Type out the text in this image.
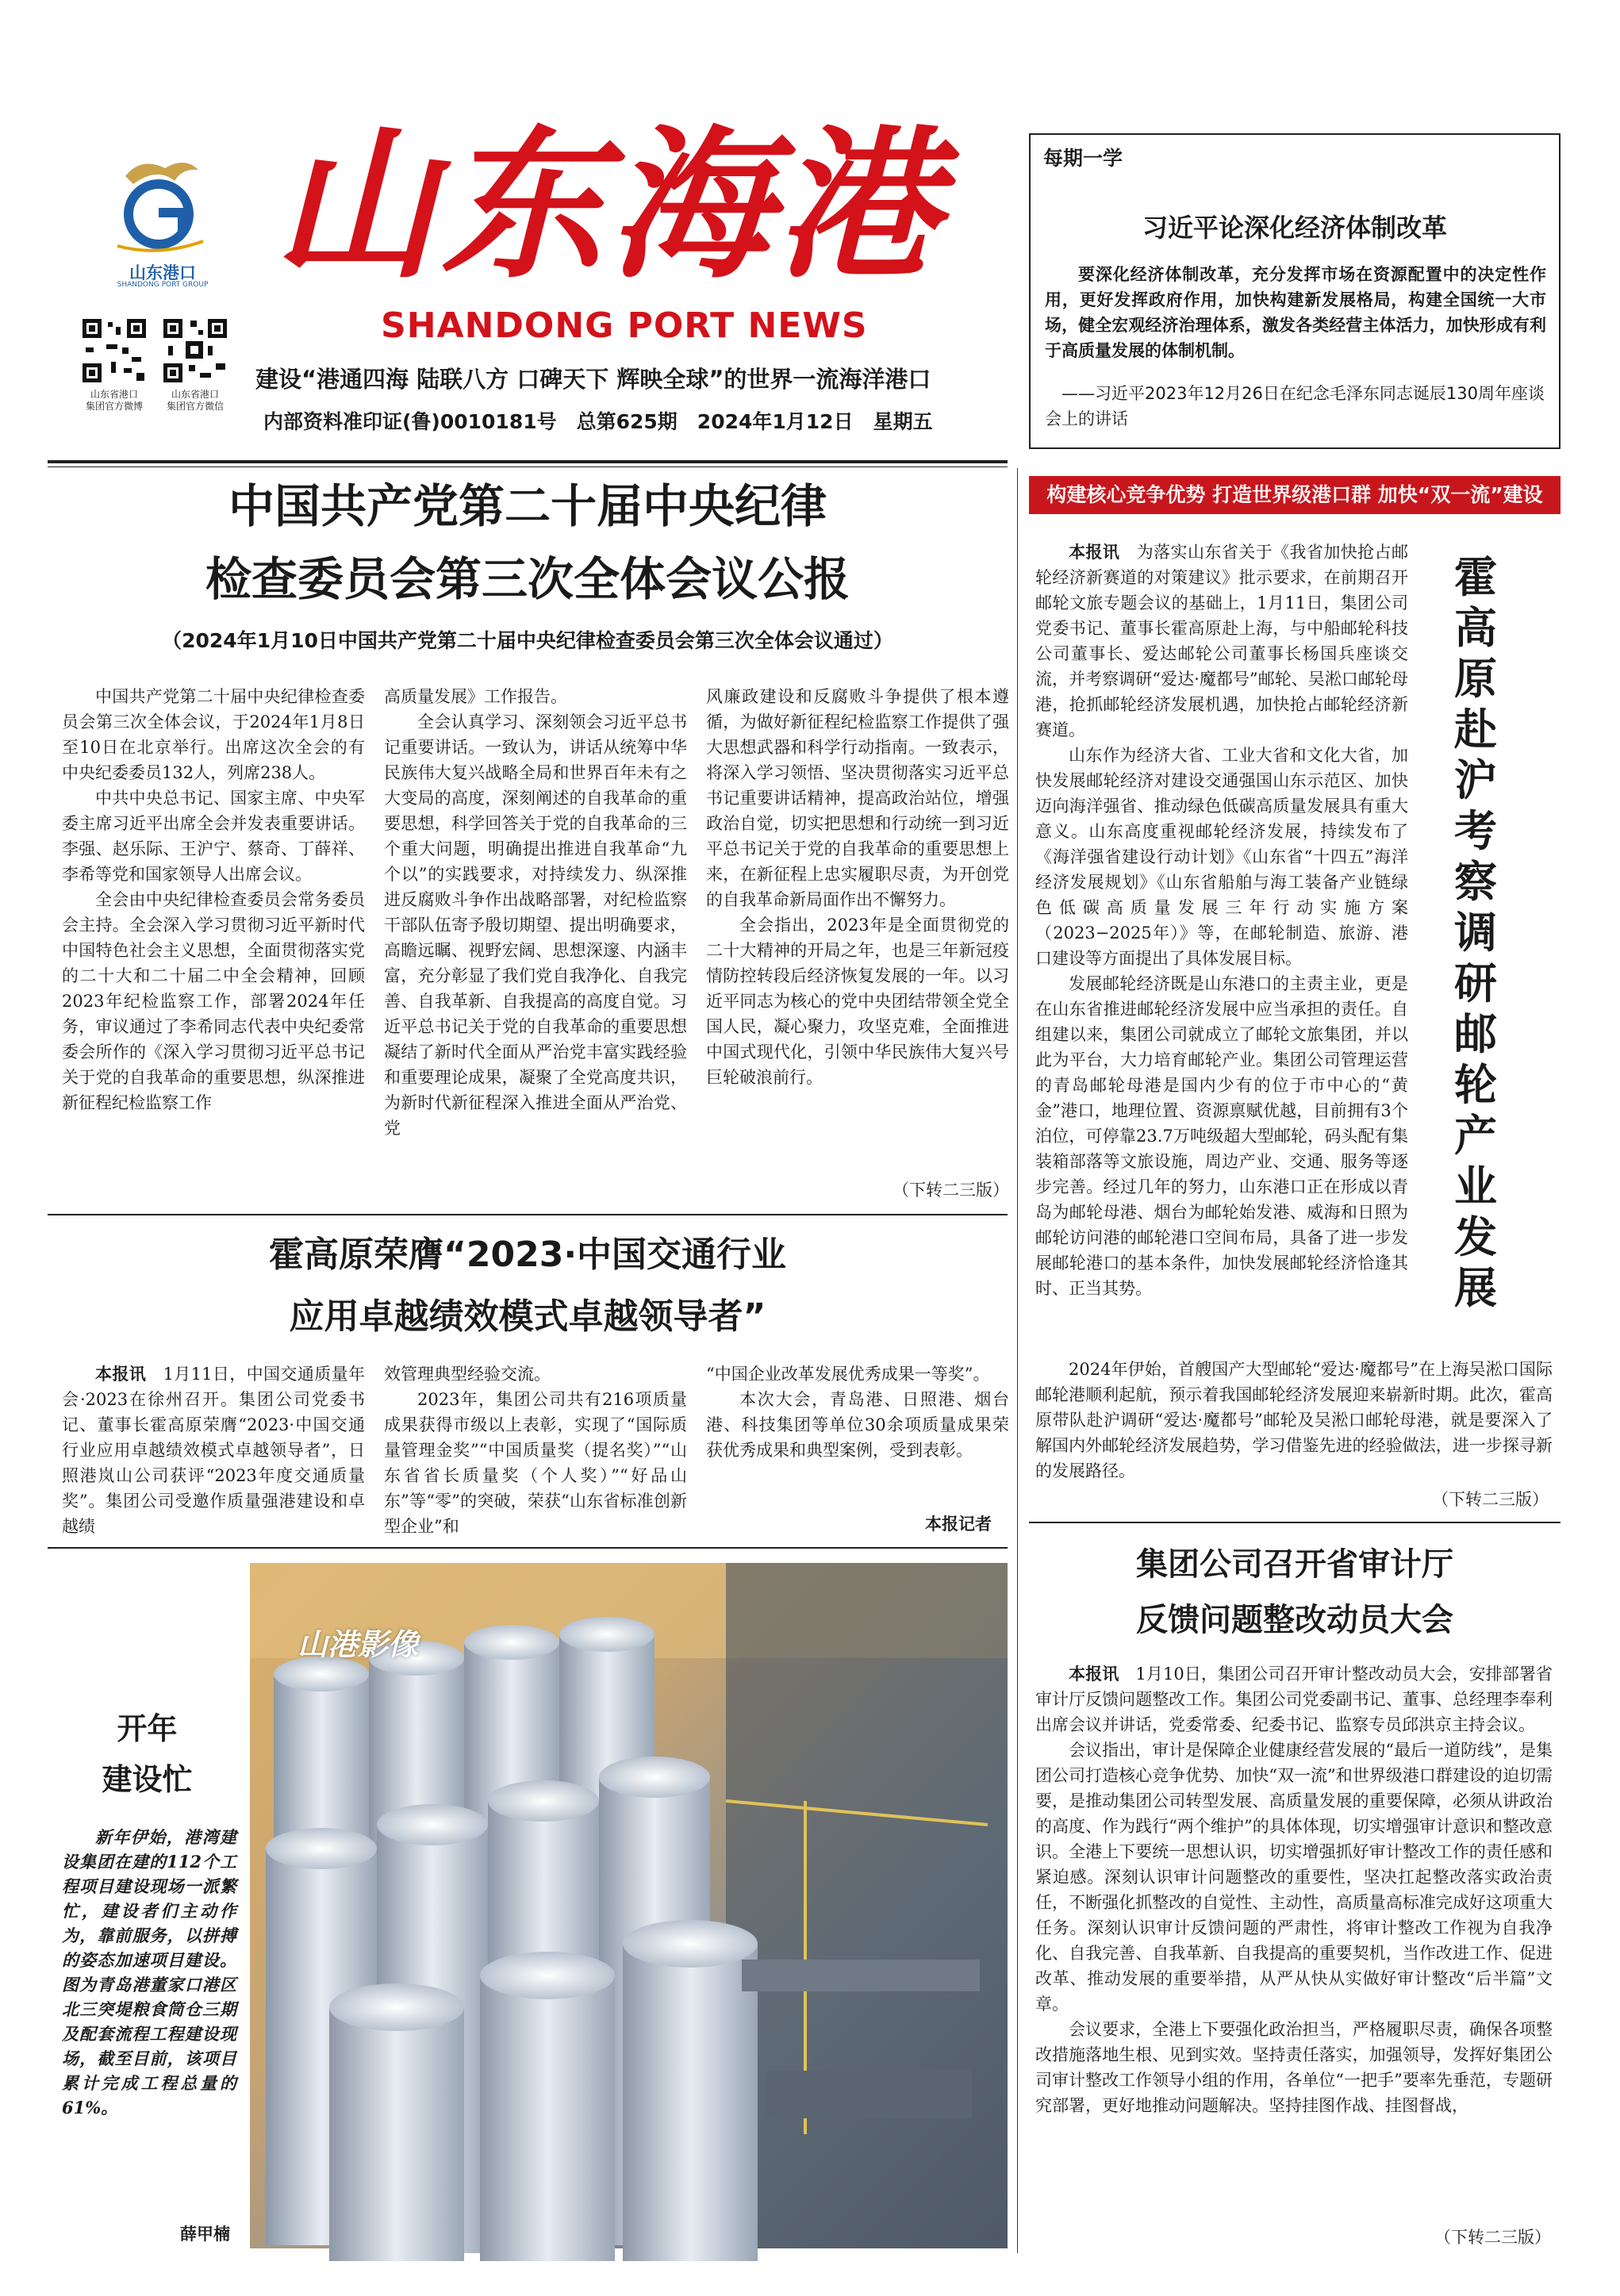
山东港口
SHANDONG PORT GROUP 山东海港
SHANDONG PORT NEWS
山东省港口
集团官方微博
山东省港口
集团官方微信
建设“港通四海 陆联八方 口碑天下 辉映全球”的世界一流海洋港口
内部资料准印证(鲁)0010181号　总第625期　2024年1月12日　星期五
每期一学
习近平论深化经济体制改革
要深化经济体制改革，充分发挥市场在资源配置中的决定性作用，更好发挥政府作用，加快构建新发展格局，构建全国统一大市场，健全宏观经济治理体系，激发各类经营主体活力，加快形成有利于高质量发展的体制机制。
——习近平2023年12月26日在纪念毛泽东同志诞辰130周年座谈会上的讲话
构建核心竞争优势 打造世界级港口群 加快“双一流”建设
中国共产党第二十届中央纪律
检查委员会第三次全体会议公报
（2024年1月10日中国共产党第二十届中央纪律检查委员会第三次全体会议通过）

中国共产党第二十届中央纪律检查委员会第三次全体会议，于2024年1月8日至10日在北京举行。出席这次全会的有中央纪委委员132人，列席238人。

中共中央总书记、国家主席、中央军委主席习近平出席全会并发表重要讲话。李强、赵乐际、王沪宁、蔡奇、丁薛祥、李希等党和国家领导人出席会议。

全会由中央纪律检查委员会常务委员会主持。全会深入学习贯彻习近平新时代中国特色社会主义思想，全面贯彻落实党的二十大和二十届二中全会精神，回顾2023年纪检监察工作，部署2024年任务，审议通过了李希同志代表中央纪委常委会所作的《深入学习贯彻习近平总书记关于党的自我革命的重要思想，纵深推进新征程纪检监察工作

高质量发展》工作报告。

全会认真学习、深刻领会习近平总书记重要讲话。一致认为，讲话从统筹中华民族伟大复兴战略全局和世界百年未有之大变局的高度，深刻阐述的自我革命的重要思想，科学回答关于党的自我革命的三个重大问题，明确提出推进自我革命“九个以”的实践要求，对持续发力、纵深推进反腐败斗争作出战略部署，对纪检监察干部队伍寄予殷切期望、提出明确要求，高瞻远瞩、视野宏阔、思想深邃、内涵丰富，充分彰显了我们党自我净化、自我完善、自我革新、自我提高的高度自觉。习近平总书记关于党的自我革命的重要思想凝结了新时代全面从严治党丰富实践经验和重要理论成果，凝聚了全党高度共识，为新时代新征程深入推进全面从严治党、党

风廉政建设和反腐败斗争提供了根本遵循，为做好新征程纪检监察工作提供了强大思想武器和科学行动指南。一致表示，将深入学习领悟、坚决贯彻落实习近平总书记重要讲话精神，提高政治站位，增强政治自觉，切实把思想和行动统一到习近平总书记关于党的自我革命的重要思想上来，在新征程上忠实履职尽责，为开创党的自我革命新局面作出不懈努力。

全会指出，2023年是全面贯彻党的二十大精神的开局之年，也是三年新冠疫情防控转段后经济恢复发展的一年。以习近平同志为核心的党中央团结带领全党全国人民，凝心聚力，攻坚克难，全面推进中国式现代化，引领中华民族伟大复兴号巨轮破浪前行。

（下转二三版）
霍高原荣膺“2023·中国交通行业
应用卓越绩效模式卓越领导者”

本报讯　 1月11日，中国交通质量年会·2023在徐州召开。集团公司党委书记、董事长霍高原荣膺“2023·中国交通行业应用卓越绩效模式卓越领导者”，日照港岚山公司获评“2023年度交通质量奖”。集团公司受邀作质量强港建设和卓越绩

效管理典型经验交流。

2023年，集团公司共有216项质量成果获得市级以上表彰，实现了“国际质量管理金奖”“中国质量奖（提名奖）”“山东省省长质量奖（个人奖）”“好品山东”等“零”的突破，荣获“山东省标准创新型企业”和

“中国企业改革发展优秀成果一等奖”。

本次大会，青岛港、日照港、烟台港、科技集团等单位30余项质量成果荣获优秀成果和典型案例，受到表彰。

本报记者
山港影像
开年
建设忙
新年伊始，港湾建设集团在建的112个工程项目建设现场一派繁忙，建设者们主动作为，靠前服务，以拼搏的姿态加速项目建设。图为青岛港董家口港区北三突堤粮食筒仓三期及配套流程工程建设现场，截至目前，该项目累计完成工程总量的61%。
薛甲楠
霍高原赴沪考察调研邮轮产业发展

本报讯　 为落实山东省关于《我省加快抢占邮轮经济新赛道的对策建议》批示要求，在前期召开邮轮文旅专题会议的基础上，1月11日，集团公司党委书记、董事长霍高原赴上海，与中船邮轮科技公司董事长、爱达邮轮公司董事长杨国兵座谈交流，并考察调研“爱达·魔都号”邮轮、吴淞口邮轮母港，抢抓邮轮经济发展机遇，加快抢占邮轮经济新赛道。

山东作为经济大省、工业大省和文化大省，加快发展邮轮经济对建设交通强国山东示范区、加快迈向海洋强省、推动绿色低碳高质量发展具有重大意义。山东高度重视邮轮经济发展，持续发布了《海洋强省建设行动计划》《山东省“十四五”海洋经济发展规划》《山东省船舶与海工装备产业链绿色低碳高质量发展三年行动实施方案（2023−2025年）》等，在邮轮制造、旅游、港口建设等方面提出了具体发展目标。

发展邮轮经济既是山东港口的主责主业，更是在山东省推进邮轮经济发展中应当承担的责任。自组建以来，集团公司就成立了邮轮文旅集团，并以此为平台，大力培育邮轮产业。集团公司管理运营的青岛邮轮母港是国内少有的位于市中心的“黄金”港口，地理位置、资源禀赋优越，目前拥有3个泊位，可停靠23.7万吨级超大型邮轮，码头配有集装箱部落等文旅设施，周边产业、交通、服务等逐步完善。经过几年的努力，山东港口正在形成以青岛为邮轮母港、烟台为邮轮始发港、威海和日照为邮轮访问港的邮轮港口空间布局，具备了进一步发展邮轮港口的基本条件，加快发展邮轮经济恰逢其时、正当其势。

2024年伊始，首艘国产大型邮轮“爱达·魔都号”在上海吴淞口国际邮轮港顺利起航，预示着我国邮轮经济发展迎来崭新时期。此次，霍高原带队赴沪调研“爱达·魔都号”邮轮及吴淞口邮轮母港，就是要深入了解国内外邮轮经济发展趋势，学习借鉴先进的经验做法，进一步探寻新的发展路径。

（下转二三版）
集团公司召开省审计厅
反馈问题整改动员大会

本报讯　 1月10日，集团公司召开审计整改动员大会，安排部署省审计厅反馈问题整改工作。集团公司党委副书记、董事、总经理李奉利出席会议并讲话，党委常委、纪委书记、监察专员邱洪京主持会议。

会议指出，审计是保障企业健康经营发展的“最后一道防线”，是集团公司打造核心竞争优势、加快“双一流”和世界级港口群建设的迫切需要，是推动集团公司转型发展、高质量发展的重要保障，必须从讲政治的高度、作为践行“两个维护”的具体体现，切实增强审计意识和整改意识。全港上下要统一思想认识，切实增强抓好审计整改工作的责任感和紧迫感。深刻认识审计问题整改的重要性，坚决扛起整改落实政治责任，不断强化抓整改的自觉性、主动性，高质量高标准完成好这项重大任务。深刻认识审计反馈问题的严肃性，将审计整改工作视为自我净化、自我完善、自我革新、自我提高的重要契机，当作改进工作、促进改革、推动发展的重要举措，从严从快从实做好审计整改“后半篇”文章。

会议要求，全港上下要强化政治担当，严格履职尽责，确保各项整改措施落地生根、见到实效。坚持责任落实，加强领导，发挥好集团公司审计整改工作领导小组的作用，各单位“一把手”要率先垂范，专题研究部署，更好地推动问题解决。坚持挂图作战、挂图督战，

（下转二三版）
